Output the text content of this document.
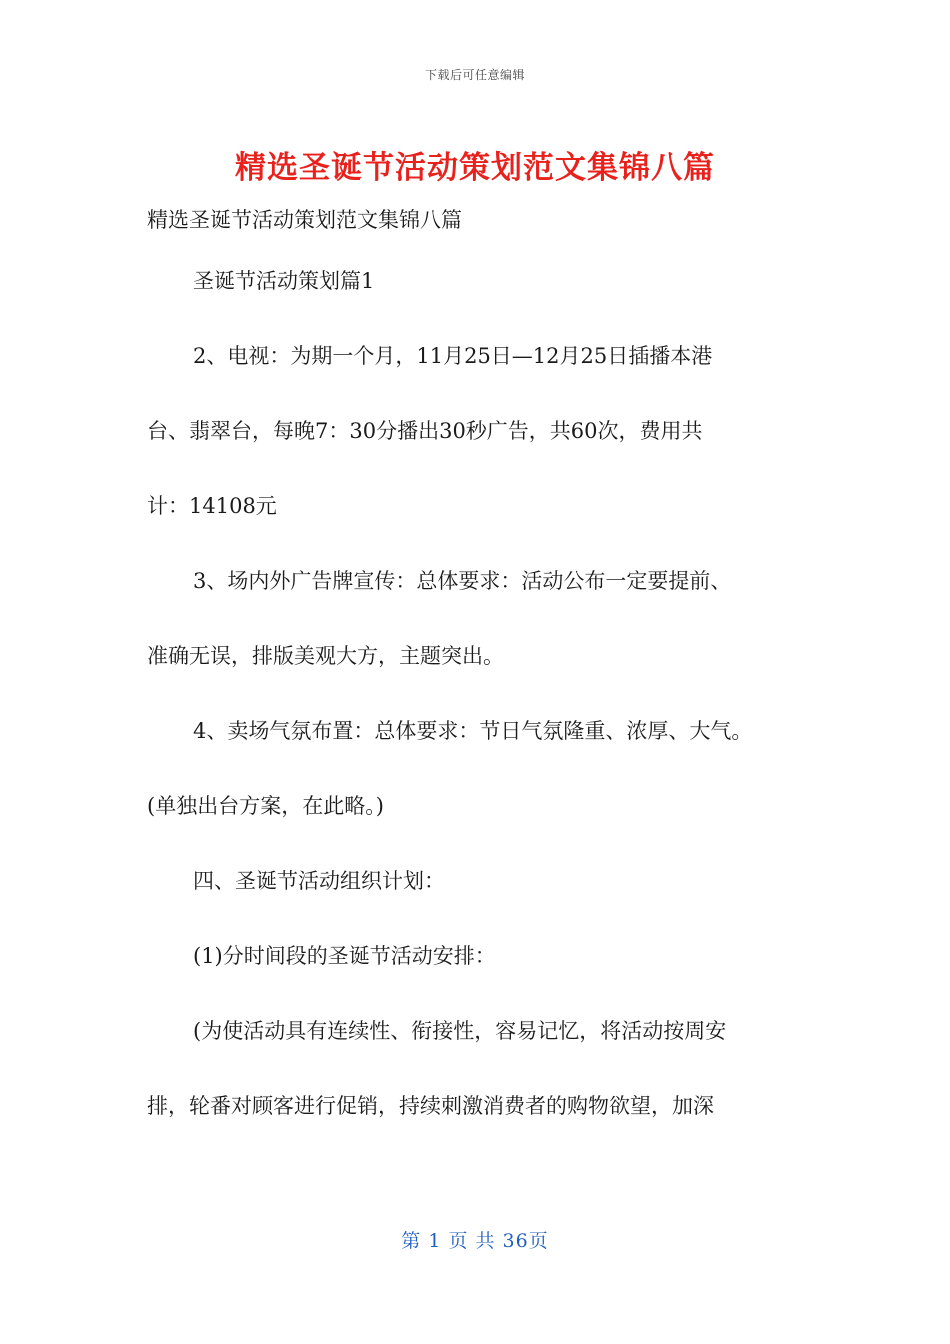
下载后可任意编辑
精选圣诞节活动策划范文集锦八篇
精选圣诞节活动策划范文集锦八篇
圣诞节活动策划篇1
2、电视：为期一个月，11月25日—12月25日插播本港
台、翡翠台，每晚7：30分播出30秒广告，共60次，费用共
计：14108元
3、场内外广告牌宣传：总体要求：活动公布一定要提前、
准确无误，排版美观大方，主题突出。
4、卖场气氛布置：总体要求：节日气氛隆重、浓厚、大气。
(单独出台方案，在此略。)
四、圣诞节活动组织计划：
(1)分时间段的圣诞节活动安排：
(为使活动具有连续性、衔接性，容易记忆，将活动按周安
排，轮番对顾客进行促销，持续刺激消费者的购物欲望，加深
第 1 页 共 36页
